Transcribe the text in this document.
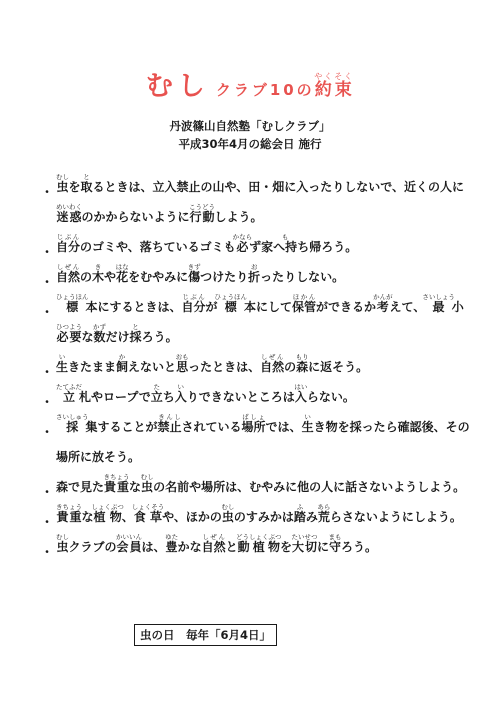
むし クラブ10の約やく束そく
丹波篠山自然塾「むしクラブ」
平成30年4月の総会日 施行
・ 虫むしを取とるときは、立入禁止の山や、田・畑に入ったりしないで、近くの人に
迷惑めいわくのかからないように行動こうどうしよう。
・ 自分じぶんのゴミや、落ちているゴミも必かならず家へ持もち帰ろう。
・ 自然しぜんの木きや花はなをむやみに傷きずつけたり折おったりしない。
・ 標ひょうほん本にするときは、自分じぶんが標ひょうほん本にして保管ほかんができるか考かんがえて、最さいしょう小
必要ひつような数かずだけ採とろう。
・ 生いきたまま飼かえないと思おもったときは、自然しぜんの森もりに返そう。
・ 立たてふだ札やロープで立たち入いりできないところは入はいらない。
・ 採さいしゅう集することが禁止きんしされている場所ばしょでは、生いき物を採ったら確認後、その
場所に放そう。
・ 森で見た貴重きちょうな虫むしの名前や場所は、むやみに他の人に話さないようしよう。
・ 貴重きちょうな植物しょくぶつ、食草しょくそうや、ほかの虫むしのすみかは踏ふみ荒あららさないようにしよう。
・ 虫むしクラブの会員かいいんは、豊ゆたかな自然しぜんと動植物どうしょくぶつを大切たいせつに守まもろう。
虫の日　毎年「6月4日」
